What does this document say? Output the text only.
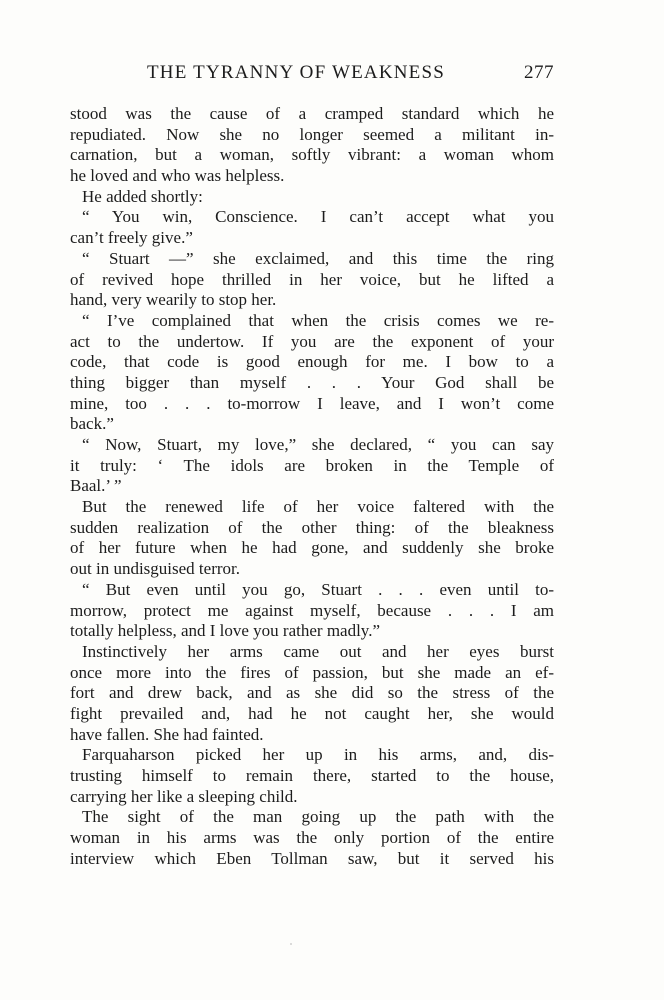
THE TYRANNY OF WEAKNESS	277
stood was the cause of a cramped standard which he
repudiated. Now she no longer seemed a militant in-
carnation, but a woman, softly vibrant: a woman whom
he loved and who was helpless.
He added shortly:
“ You win, Conscience. I can’t accept what you
can’t freely give.”
“ Stuart —” she exclaimed, and this time the ring
of revived hope thrilled in her voice, but he lifted a
hand, very wearily to stop her.
“ I’ve complained that when the crisis comes we re-
act to the undertow. If you are the exponent of your
code, that code is good enough for me. I bow to a
thing bigger than myself . . . Your God shall be
mine, too . . . to-morrow I leave, and I won’t come
back.”
“ Now, Stuart, my love,” she declared, “ you can say
it truly: ‘ The idols are broken in the Temple of
Baal.’ ”
But the renewed life of her voice faltered with the
sudden realization of the other thing: of the bleakness
of her future when he had gone, and suddenly she broke
out in undisguised terror.
“ But even until you go, Stuart . . . even until to-
morrow, protect me against myself, because . . . I am
totally helpless, and I love you rather madly.”
Instinctively her arms came out and her eyes burst
once more into the fires of passion, but she made an ef-
fort and drew back, and as she did so the stress of the
fight prevailed and, had he not caught her, she would
have fallen. She had fainted.
Farquaharson picked her up in his arms, and, dis-
trusting himself to remain there, started to the house,
carrying her like a sleeping child.
The sight of the man going up the path with the
woman in his arms was the only portion of the entire
interview which Eben Tollman saw, but it served his
